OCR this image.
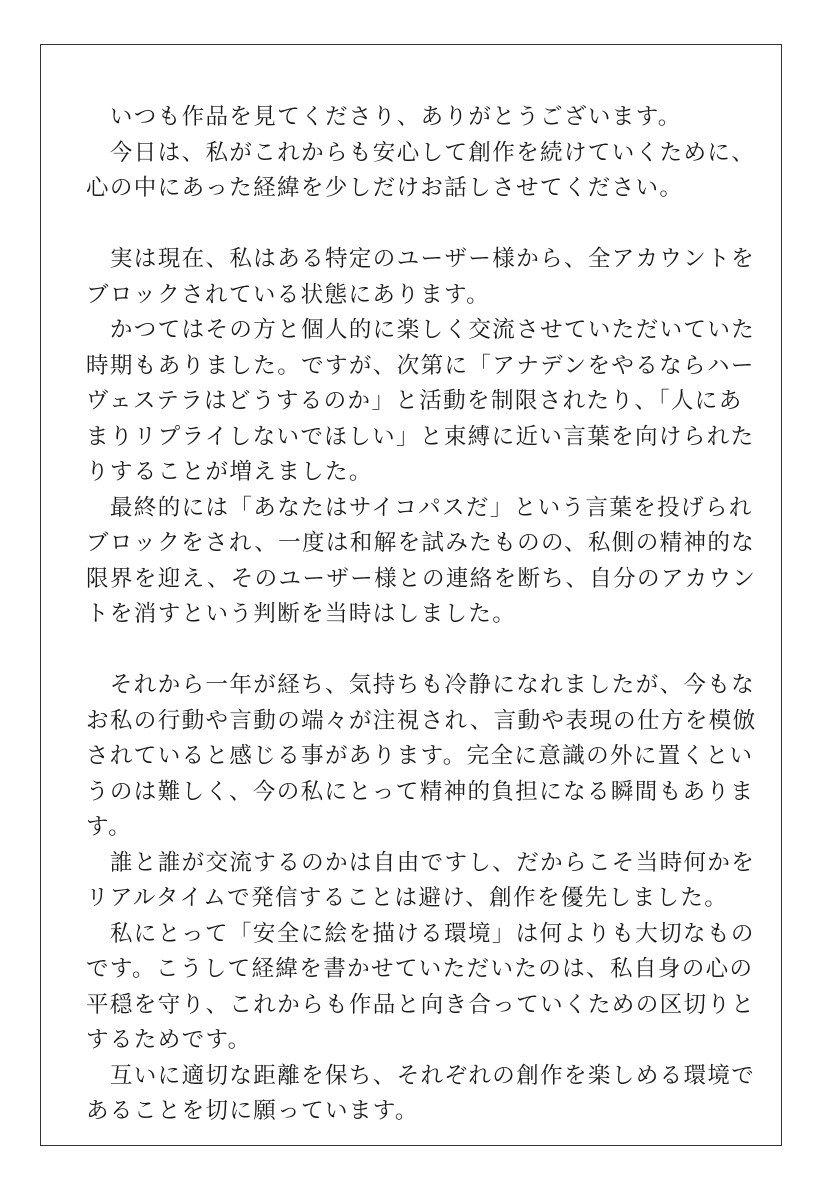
　いつも作品を見てくださり、ありがとうございます。
　今日は、私がこれからも安心して創作を続けていくために、
心の中にあった経緯を少しだけお話しさせてください。
　実は現在、私はある特定のユーザー様から、全アカウントを
ブロックされている状態にあります。
　かつてはその方と個人的に楽しく交流させていただいていた
時期もありました。ですが、次第に「アナデンをやるならハー
ヴェステラはどうするのか」と活動を制限されたり、「人にあ
まりリプライしないでほしい」と束縛に近い言葉を向けられた
りすることが増えました。
　最終的には「あなたはサイコパスだ」という言葉を投げられ
ブロックをされ、一度は和解を試みたものの、私側の精神的な
限界を迎え、そのユーザー様との連絡を断ち、自分のアカウン
トを消すという判断を当時はしました。
　それから一年が経ち、気持ちも冷静になれましたが、今もな
お私の行動や言動の端々が注視され、言動や表現の仕方を模倣
されていると感じる事があります。完全に意識の外に置くとい
うのは難しく、今の私にとって精神的負担になる瞬間もありま
す。
　誰と誰が交流するのかは自由ですし、だからこそ当時何かを
リアルタイムで発信することは避け、創作を優先しました。
　私にとって「安全に絵を描ける環境」は何よりも大切なもの
です。こうして経緯を書かせていただいたのは、私自身の心の
平穏を守り、これからも作品と向き合っていくための区切りと
するためです。
　互いに適切な距離を保ち、それぞれの創作を楽しめる環境で
あることを切に願っています。
